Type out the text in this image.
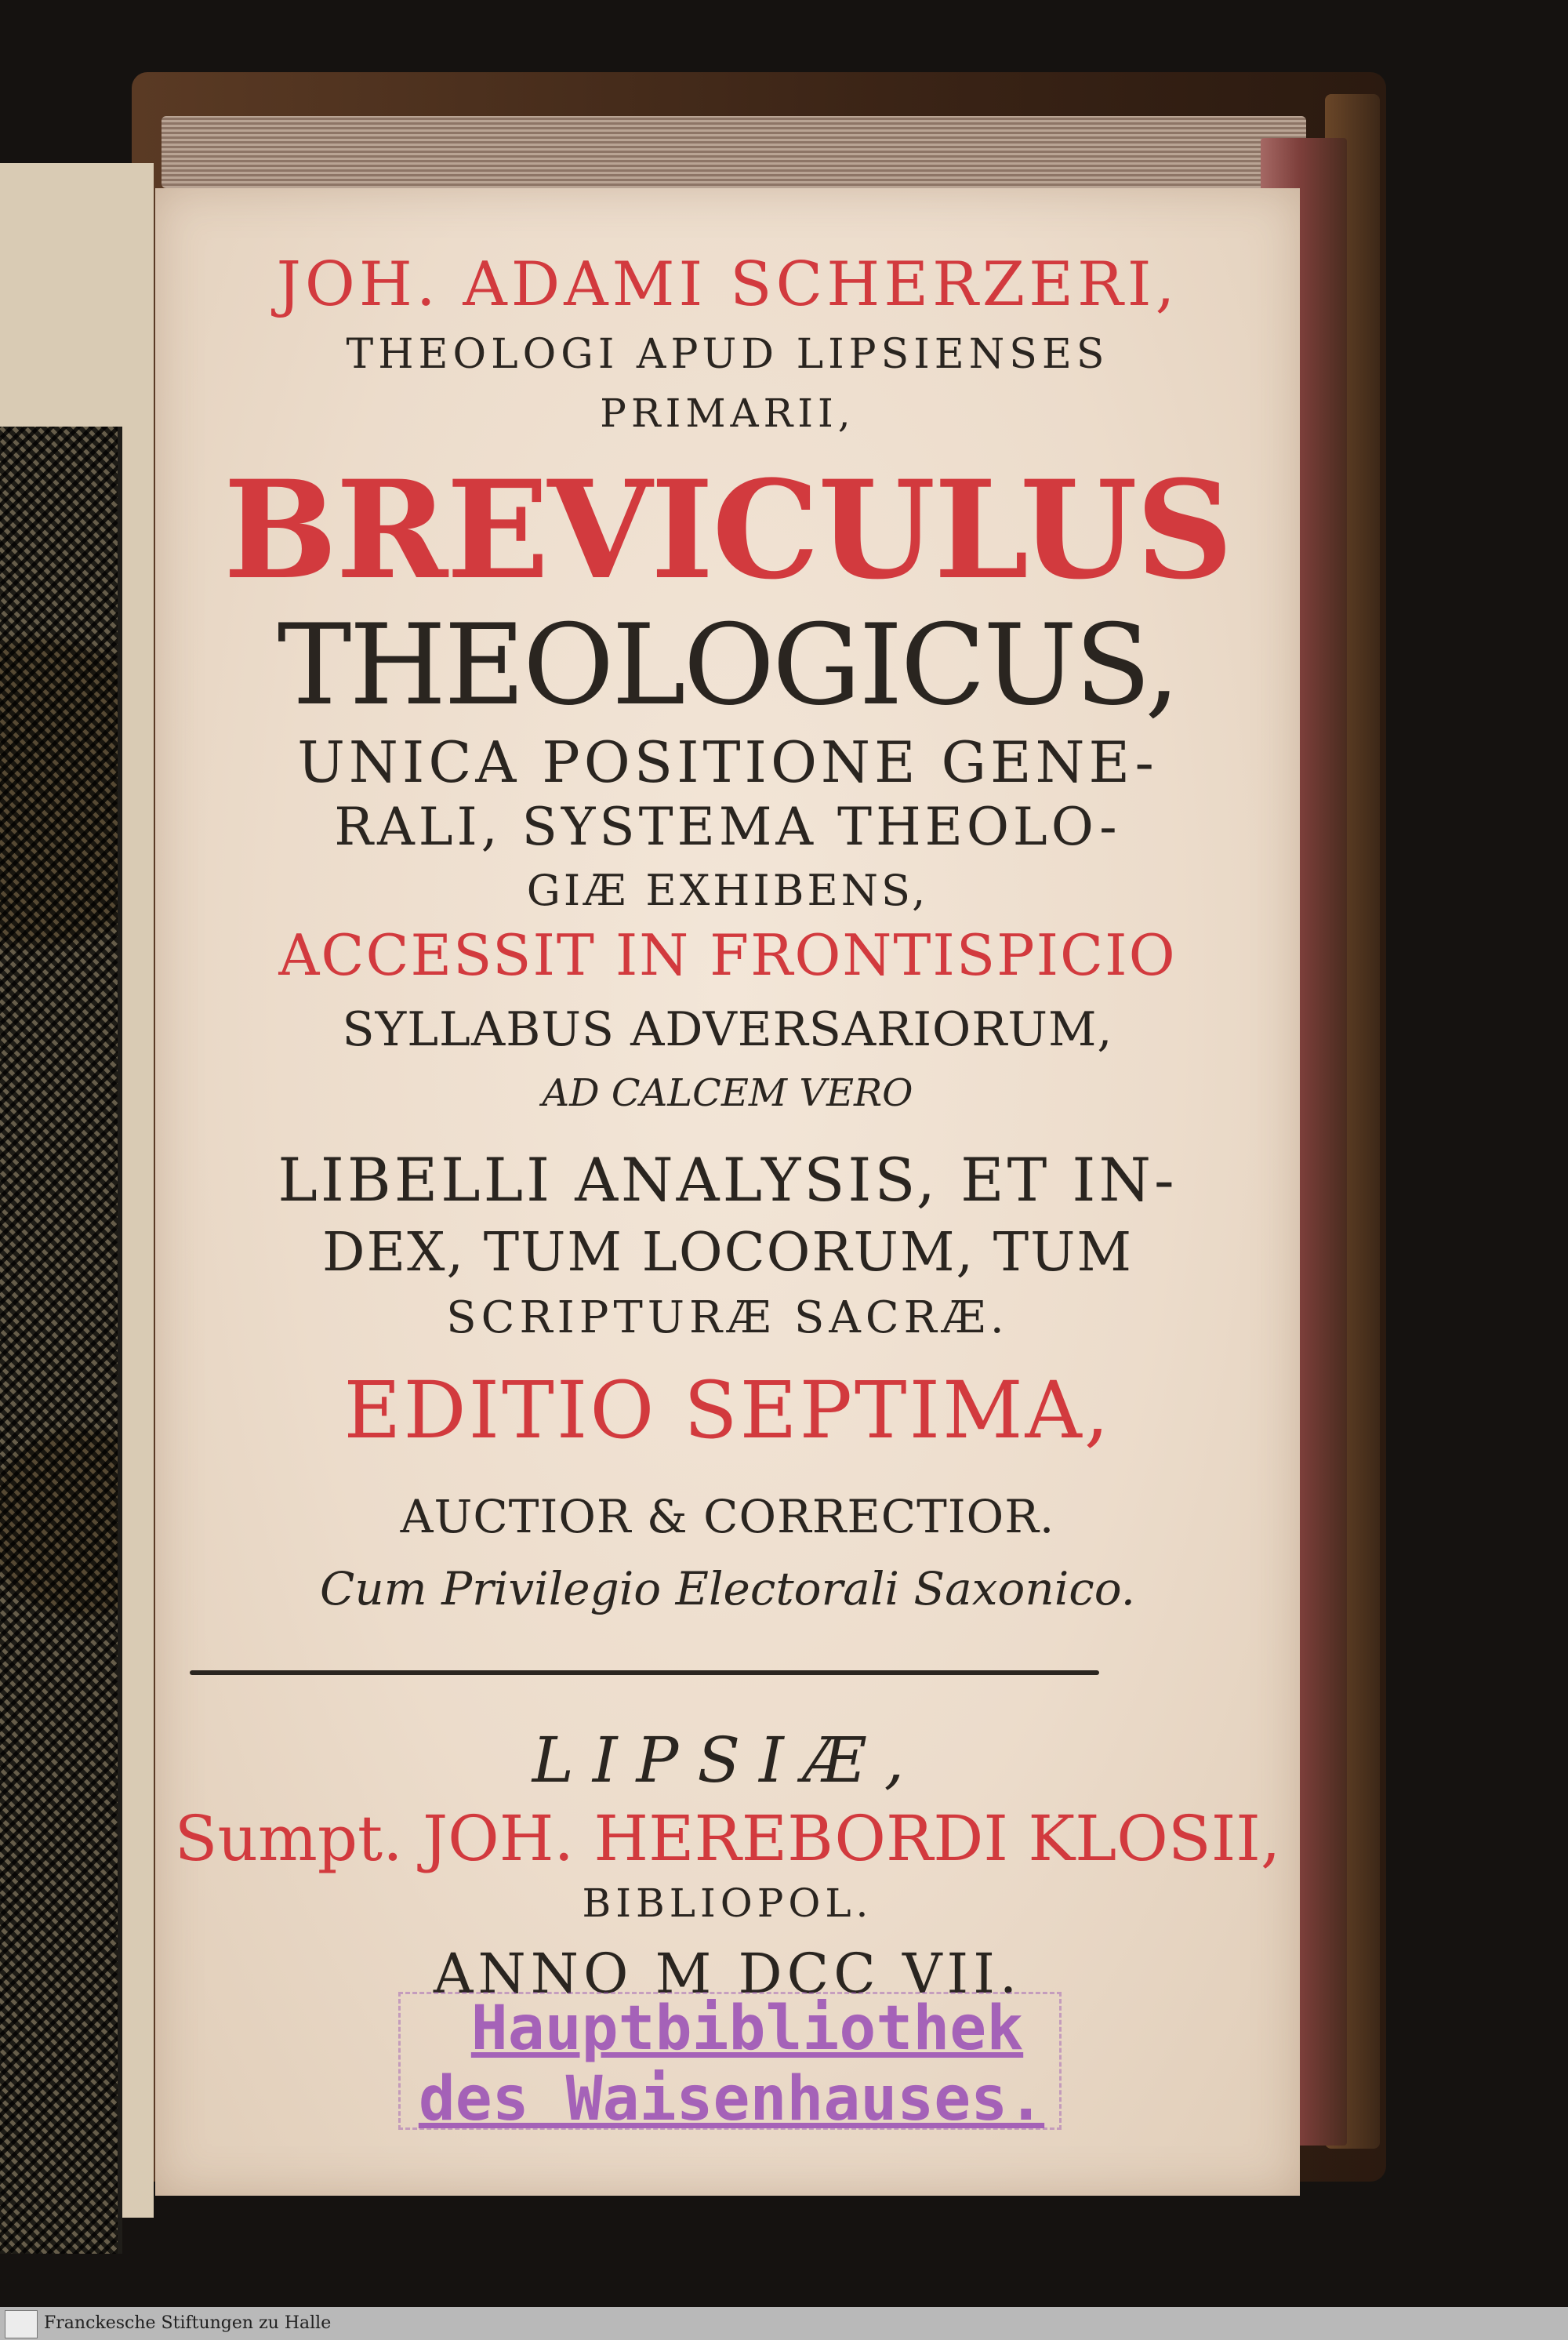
JOH. ADAMI SCHERZERI,
THEOLOGI APUD LIPSIENSES
PRIMARII,
BREVICULUS
THEOLOGICUS,
UNICA POSITIONE GENE-
RALI, SYSTEMA THEOLO-
GIÆ EXHIBENS,
ACCESSIT IN FRONTISPICIO
SYLLABUS ADVERSARIORUM,
AD CALCEM VERO
LIBELLI ANALYSIS, ET IN-
DEX, TUM LOCORUM, TUM
SCRIPTURÆ SACRÆ.
EDITIO SEPTIMA,
AUCTIOR & CORRECTIOR.
Cum Privilegio Electorali Saxonico.
LIPSIÆ,
Sumpt. JOH. HEREBORDI KLOSII,
BIBLIOPOL.
ANNO M DCC VII.
Hauptbibliothek
des Waisenhauses.
Franckesche Stiftungen zu Halle
